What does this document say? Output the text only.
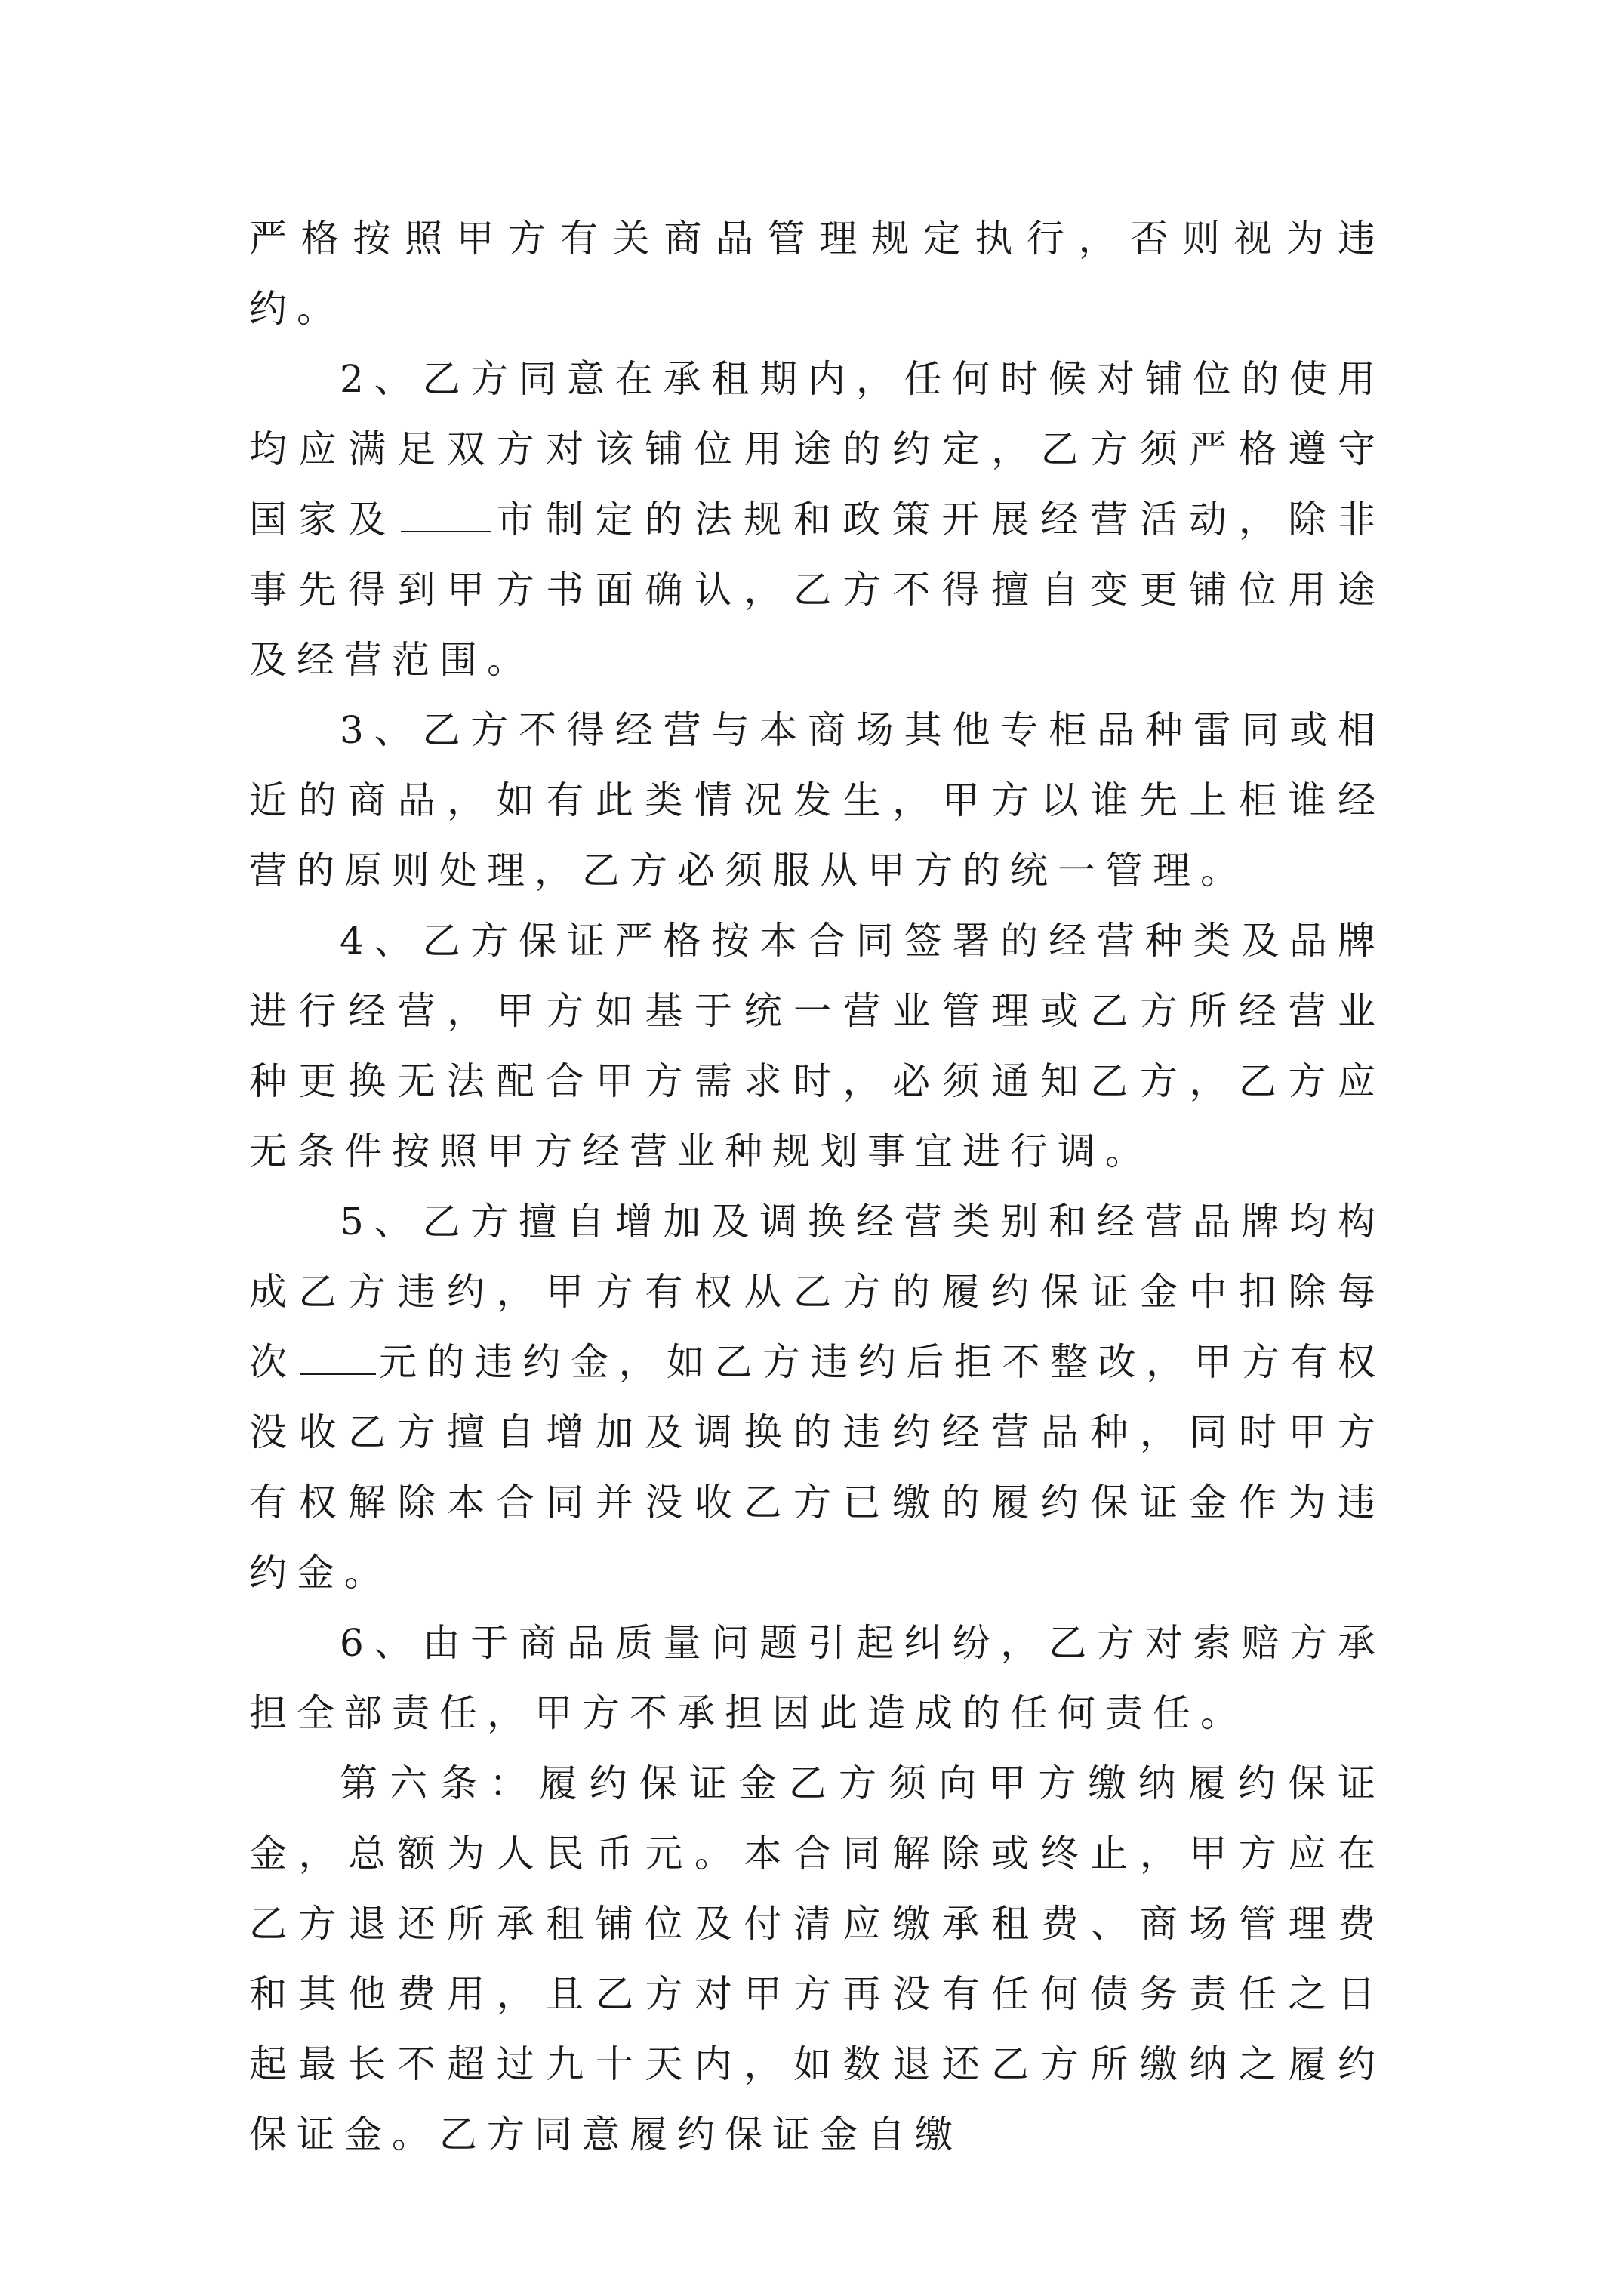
严格按照甲方有关商品管理规定执行，否则视为违约。

2、乙方同意在承租期内，任何时候对铺位的使用均应满足双方对该铺位用途的约定，乙方须严格遵守国家及	市制定的法规和政策开展经营活动，除非事先得到甲方书面确认，乙方不得擅自变更铺位用途及经营范围。

3、乙方不得经营与本商场其他专柜品种雷同或相近的商品，如有此类情况发生，甲方以谁先上柜谁经营的原则处理，乙方必须服从甲方的统一管理。

4、乙方保证严格按本合同签署的经营种类及品牌进行经营，甲方如基于统一营业管理或乙方所经营业种更换无法配合甲方需求时，必须通知乙方，乙方应无条件按照甲方经营业种规划事宜进行调。

5、乙方擅自增加及调换经营类别和经营品牌均构成乙方违约，甲方有权从乙方的履约保证金中扣除每次 元的违约金，如乙方违约后拒不整改，甲方有权没收乙方擅自增加及调换的违约经营品种，同时甲方有权解除本合同并没收乙方已缴的履约保证金作为违约金。

6、由于商品质量问题引起纠纷，乙方对索赔方承担全部责任，甲方不承担因此造成的任何责任。

第六条：履约保证金乙方须向甲方缴纳履约保证金，总额为人民币元。本合同解除或终止，甲方应在乙方退还所承租铺位及付清应缴承租费、商场管理费和其他费用，且乙方对甲方再没有任何债务责任之日起最长不超过九十天内，如数退还乙方所缴纳之履约保证金。乙方同意履约保证金自缴
